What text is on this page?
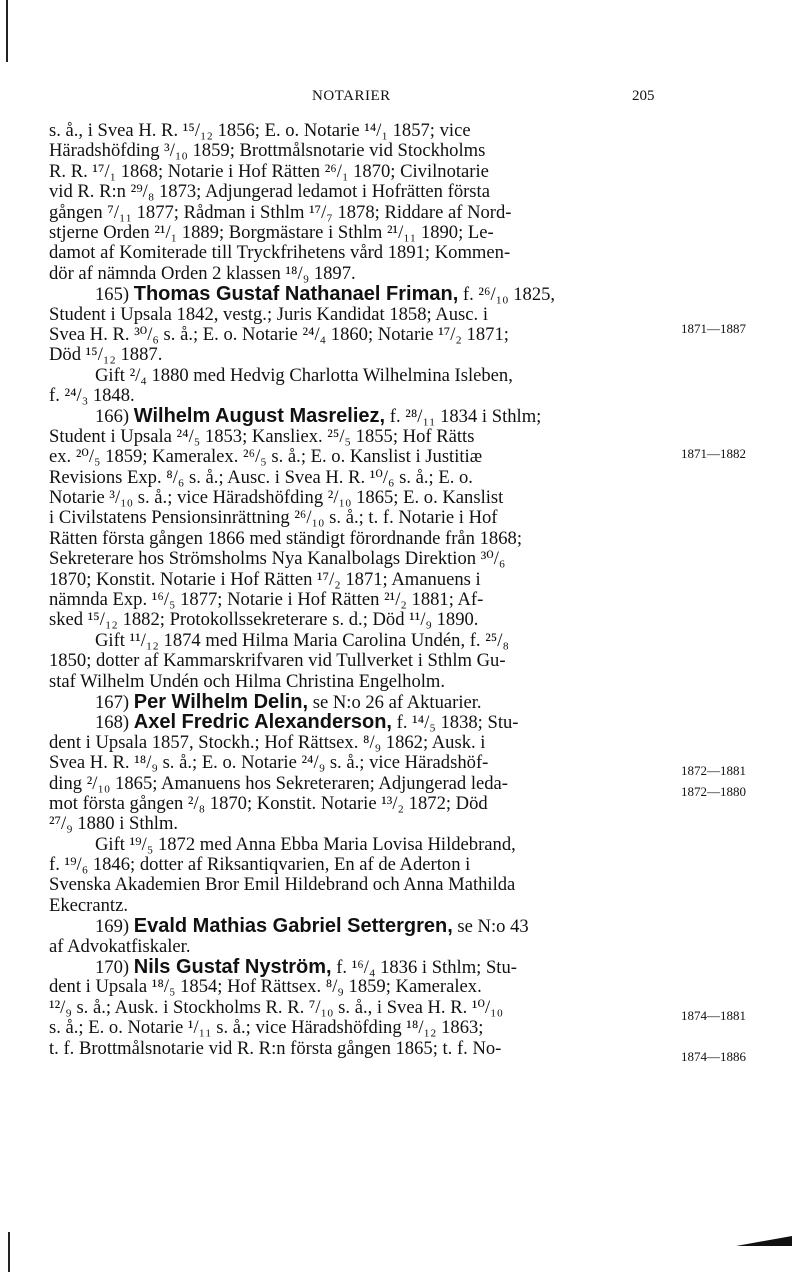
NOTARIER	205
1871—1887
1871—1882
1872—1881
1872—1880
1874—1881
1874—1886
s. å., i Svea H. R. ¹⁵/₁₂ 1856; E. o. Notarie ¹⁴/₁ 1857; vice
Häradshöfding ³/₁₀ 1859; Brottmålsnotarie vid Stockholms
R. R. ¹⁷/₁ 1868; Notarie i Hof Rätten ²⁶/₁ 1870; Civilnotarie
vid R. R:n ²⁹/₈ 1873; Adjungerad ledamot i Hofrätten första
gången ⁷/₁₁ 1877; Rådman i Sthlm ¹⁷/₇ 1878; Riddare af Nord-
stjerne Orden ²¹/₁ 1889; Borgmästare i Sthlm ²¹/₁₁ 1890; Le-
damot af Komiterade till Tryckfrihetens vård 1891; Kommen-
dör af nämnda Orden 2 klassen ¹⁸/₉ 1897.
165) Thomas Gustaf Nathanael Friman, f. ²⁶/₁₀ 1825,
Student i Upsala 1842, vestg.; Juris Kandidat 1858; Ausc. i
Svea H. R. ³⁰/₆ s. å.; E. o. Notarie ²⁴/₄ 1860; Notarie ¹⁷/₂ 1871;
Död ¹⁵/₁₂ 1887.
Gift ²/₄ 1880 med Hedvig Charlotta Wilhelmina Isleben,
f. ²⁴/₃ 1848.
166) Wilhelm August Masreliez, f. ²⁸/₁₁ 1834 i Sthlm;
Student i Upsala ²⁴/₅ 1853; Kansliex. ²⁵/₅ 1855; Hof Rätts
ex. ²⁰/₅ 1859; Kameralex. ²⁶/₅ s. å.; E. o. Kanslist i Justitiæ
Revisions Exp. ⁸/₆ s. å.; Ausc. i Svea H. R. ¹⁰/₆ s. å.; E. o.
Notarie ³/₁₀ s. å.; vice Häradshöfding ²/₁₀ 1865; E. o. Kanslist
i Civilstatens Pensionsinrättning ²⁶/₁₀ s. å.; t. f. Notarie i Hof
Rätten första gången 1866 med ständigt förordnande från 1868;
Sekreterare hos Strömsholms Nya Kanalbolags Direktion ³⁰/₆
1870; Konstit. Notarie i Hof Rätten ¹⁷/₂ 1871; Amanuens i
nämnda Exp. ¹⁶/₅ 1877; Notarie i Hof Rätten ²¹/₂ 1881; Af-
sked ¹⁵/₁₂ 1882; Protokollssekreterare s. d.; Död ¹¹/₉ 1890.
Gift ¹¹/₁₂ 1874 med Hilma Maria Carolina Undén, f. ²⁵/₈
1850; dotter af Kammarskrifvaren vid Tullverket i Sthlm Gu-
staf Wilhelm Undén och Hilma Christina Engelholm.
167) Per Wilhelm Delin, se N:o 26 af Aktuarier.
168) Axel Fredric Alexanderson, f. ¹⁴/₅ 1838; Stu-
dent i Upsala 1857, Stockh.; Hof Rättsex. ⁸/₉ 1862; Ausk. i
Svea H. R. ¹⁸/₉ s. å.; E. o. Notarie ²⁴/₉ s. å.; vice Häradshöf-
ding ²/₁₀ 1865; Amanuens hos Sekreteraren; Adjungerad leda-
mot första gången ²/₈ 1870; Konstit. Notarie ¹³/₂ 1872; Död
²⁷/₉ 1880 i Sthlm.
Gift ¹⁹/₅ 1872 med Anna Ebba Maria Lovisa Hildebrand,
f. ¹⁹/₆ 1846; dotter af Riksantiqvarien, En af de Aderton i
Svenska Akademien Bror Emil Hildebrand och Anna Mathilda
Ekecrantz.
169) Evald Mathias Gabriel Settergren, se N:o 43
af Advokatfiskaler.
170) Nils Gustaf Nyström, f. ¹⁶/₄ 1836 i Sthlm; Stu-
dent i Upsala ¹⁸/₅ 1854; Hof Rättsex. ⁸/₉ 1859; Kameralex.
¹²/₉ s. å.; Ausk. i Stockholms R. R. ⁷/₁₀ s. å., i Svea H. R. ¹⁰/₁₀
s. å.; E. o. Notarie ¹/₁₁ s. å.; vice Häradshöfding ¹⁸/₁₂ 1863;
t. f. Brottmålsnotarie vid R. R:n första gången 1865; t. f. No-
